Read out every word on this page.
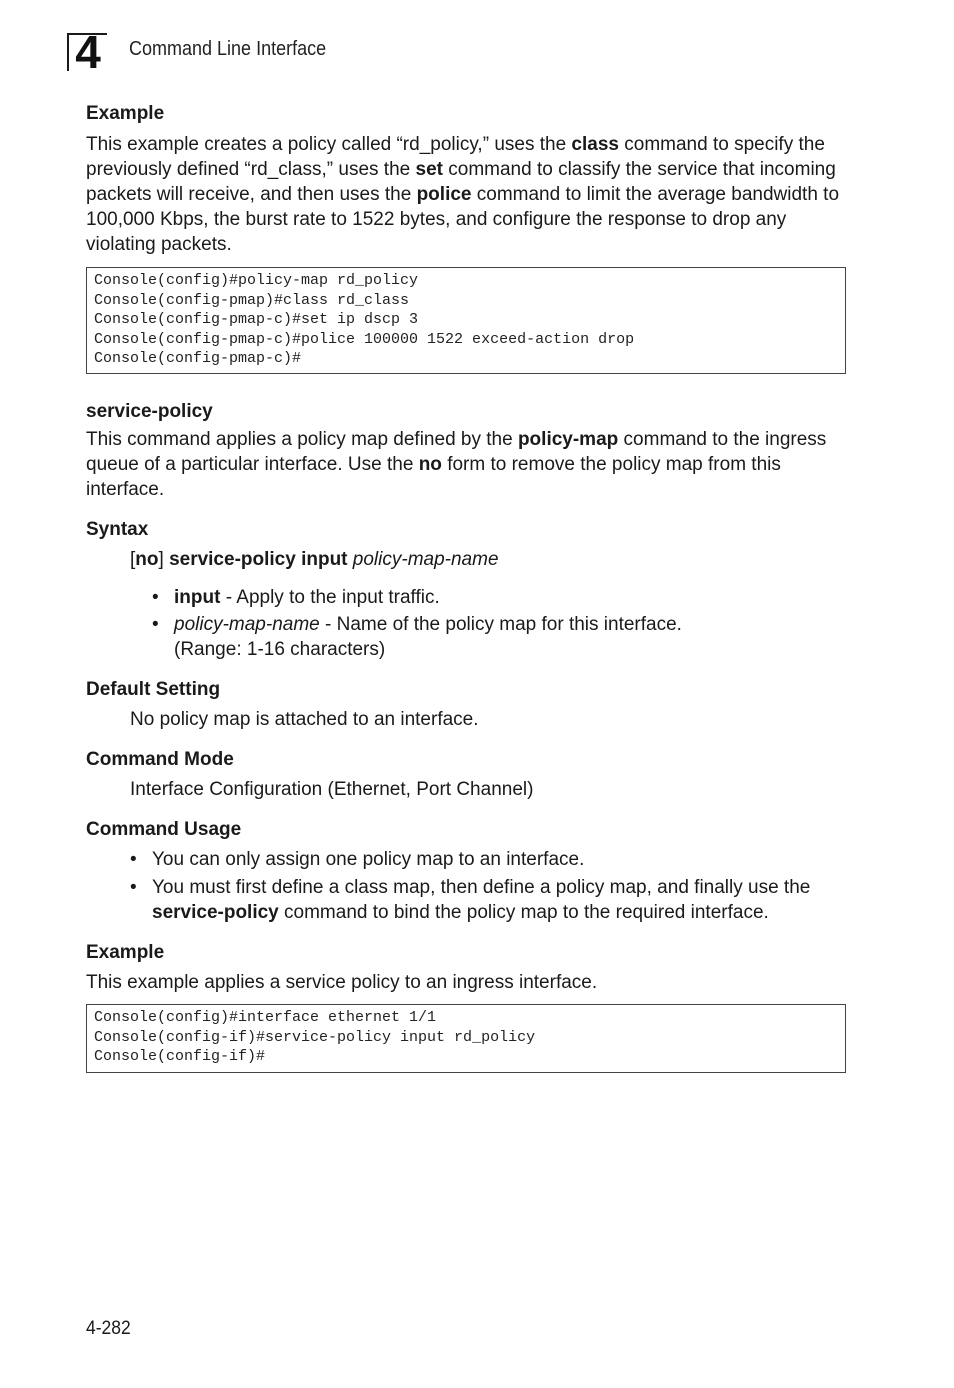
4	Command Line Interface
Example
This example creates a policy called “rd_policy,” uses the class command to specify the previously defined “rd_class,” uses the set command to classify the service that incoming packets will receive, and then uses the police command to limit the average bandwidth to 100,000 Kbps, the burst rate to 1522 bytes, and configure the response to drop any violating packets.
Console(config)#policy-map rd_policy
Console(config-pmap)#class rd_class
Console(config-pmap-c)#set ip dscp 3
Console(config-pmap-c)#police 100000 1522 exceed-action drop
Console(config-pmap-c)#
service-policy
This command applies a policy map defined by the policy-map command to the ingress queue of a particular interface. Use the no form to remove the policy map from this interface.
Syntax
[no] service-policy input policy-map-name
• input - Apply to the input traffic.
• policy-map-name - Name of the policy map for this interface.
(Range: 1-16 characters)
Default Setting
No policy map is attached to an interface.
Command Mode
Interface Configuration (Ethernet, Port Channel)
Command Usage
• You can only assign one policy map to an interface.
• You must first define a class map, then define a policy map, and finally use the service-policy command to bind the policy map to the required interface.
Example
This example applies a service policy to an ingress interface.
Console(config)#interface ethernet 1/1
Console(config-if)#service-policy input rd_policy
Console(config-if)#
4-282
